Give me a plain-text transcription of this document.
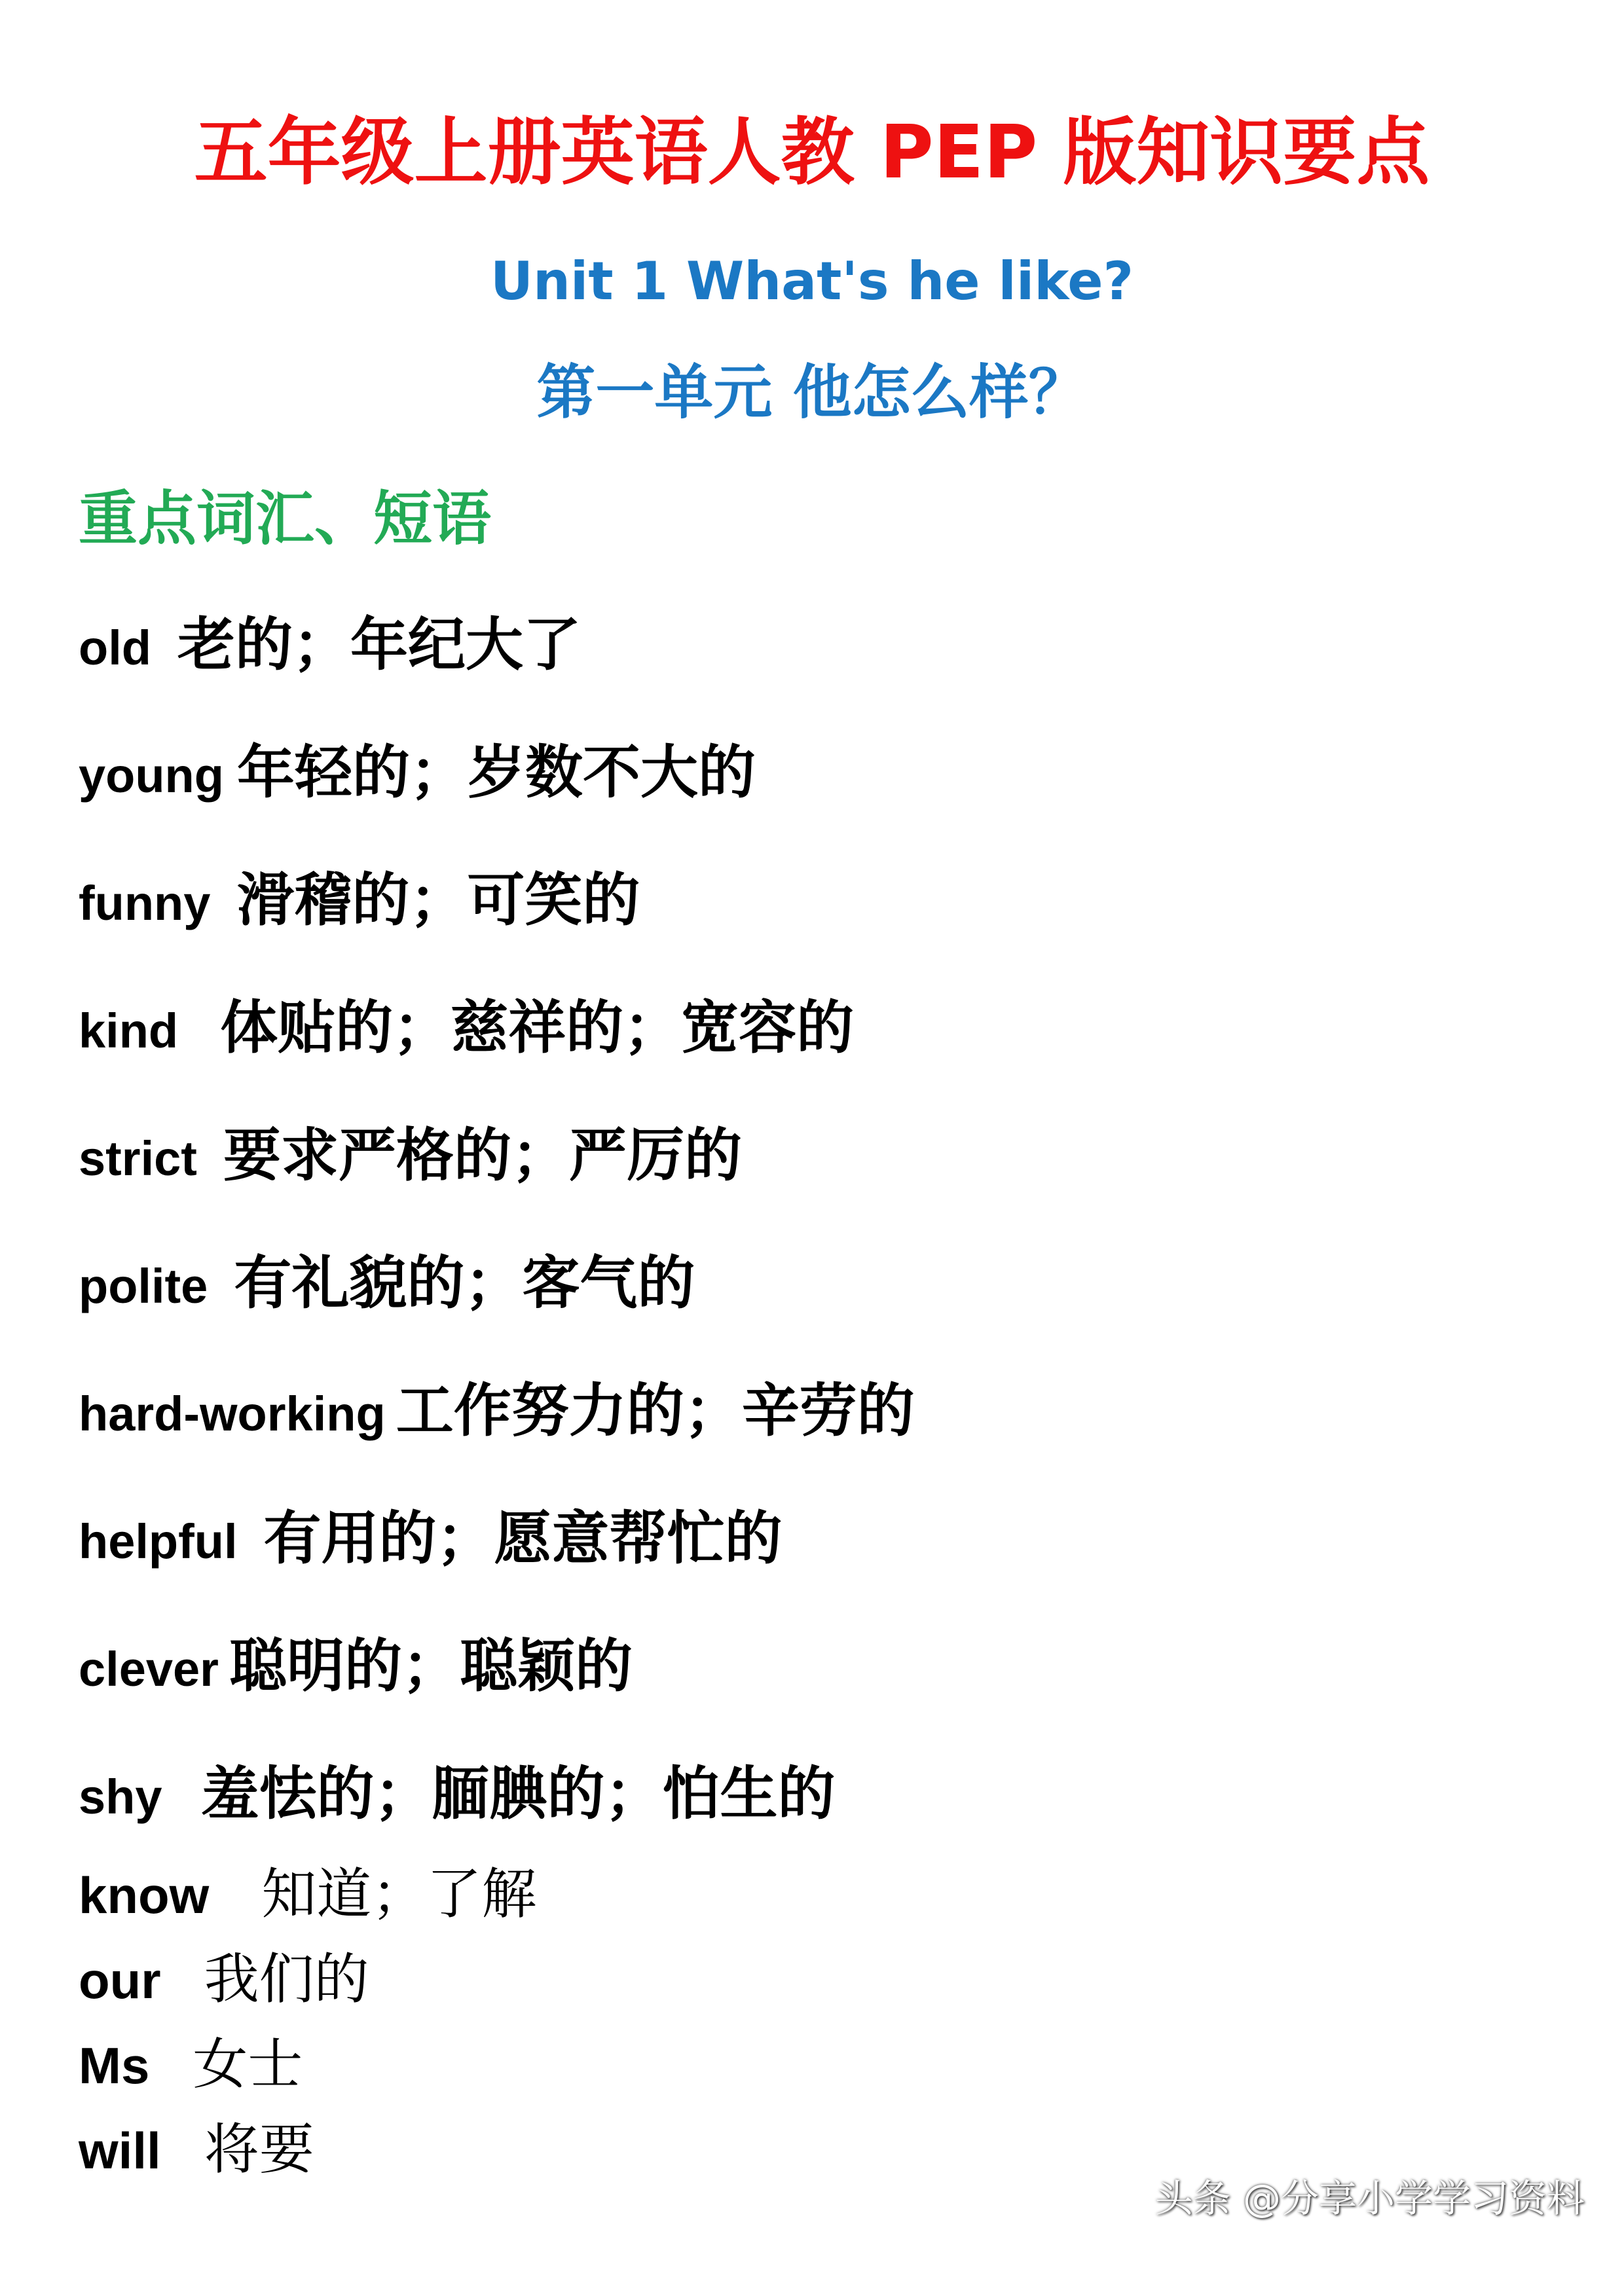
五年级上册英语人教 PEP 版知识要点
Unit 1 What's he like?
第一单元 他怎么样？
重点词汇、短语
old 老的；年纪大了
young 年轻的；岁数不大的
funny 滑稽的；可笑的
kind 体贴的；慈祥的；宽容的
strict 要求严格的；严厉的
polite 有礼貌的；客气的
hard-working 工作努力的；辛劳的
helpful 有用的；愿意帮忙的
clever 聪明的；聪颖的
shy 羞怯的；腼腆的；怕生的
know 知道；了解
our 我们的
Ms 女士
will 将要
头条 @分享小学学习资料
